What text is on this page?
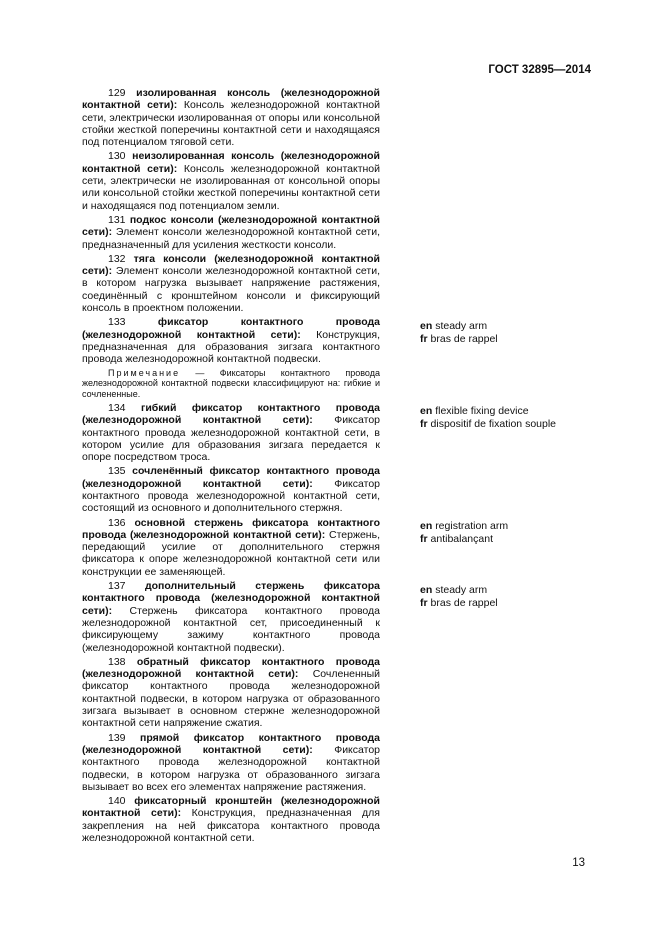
ГОСТ 32895—2014

129 изолированная консоль (железнодорожной контактной сети): Консоль железнодорожной контактной сети, электрически изолированная от опоры или консольной стойки жесткой поперечины контактной сети и находящаяся под потенциалом тяговой сети.

130 неизолированная консоль (железнодорожной контактной сети): Консоль железнодорожной контактной сети, электрически не изолированная от консольной опоры или консольной стойки жесткой поперечины контактной сети и находящаяся под потенциалом земли.

131 подкос консоли (железнодорожной контактной сети): Элемент консоли железнодорожной контактной сети, предназначенный для усиления жесткости консоли.

132 тяга консоли (железнодорожной контактной сети): Элемент консоли железнодорожной контактной сети, в котором нагрузка вызывает напряжение растяжения, соединённый с кронштейном консоли и фиксирующий консоль в проектном положении.

133	фиксатор контактного провода (железнодорожной контактной сети): Конструкция, предназначенная для образования зигзага контактного провода железнодорожной контактной подвески.

Примечание — Фиксаторы контактного провода железнодорожной контактной подвески классифицируют на: гибкие и сочлененные.

134 гибкий фиксатор контактного провода (железнодорожной контактной сети): Фиксатор контактного провода железнодорожной контактной сети, в котором усилие для образования зигзага передается к опоре посредством троса.

135 сочленённый фиксатор контактного провода (железнодорожной контактной сети): Фиксатор контактного провода железнодорожной контактной сети, состоящий из основного и дополнительного стержня.

136 основной стержень фиксатора контактного провода (железнодорожной контактной сети): Стержень, передающий усилие от дополнительного стержня фиксатора к опоре железнодорожной контактной сети или конструкции ее заменяющей.

137 дополнительный стержень фиксатора контактного провода (железнодорожной контактной сети): Стержень фиксатора контактного провода железнодорожной контактной сет, присоединенный к фиксирующему зажиму контактного провода (железнодорожной контактной подвески).

138 обратный фиксатор контактного провода (железнодорожной контактной сети): Сочлененный фиксатор контактного провода железнодорожной контактной подвески, в котором нагрузка от образованного зигзага вызывает в основном стержне железнодорожной контактной сети напряжение сжатия.

139 прямой фиксатор контактного провода (железнодорожной контактной сети): Фиксатор контактного провода железнодорожной контактной подвески, в котором нагрузка от образованного зигзага вызывает во всех его элементах напряжение растяжения.

140 фиксаторный кронштейн (железнодорожной контактной сети): Конструкция, предназначенная для закрепления на ней фиксатора контактного провода железнодорожной контактной сети.

en steady arm
fr bras de rappel
en flexible fixing device
fr dispositif de fixation souple
en registration arm
fr antibalançant
en steady arm
fr bras de rappel
13
